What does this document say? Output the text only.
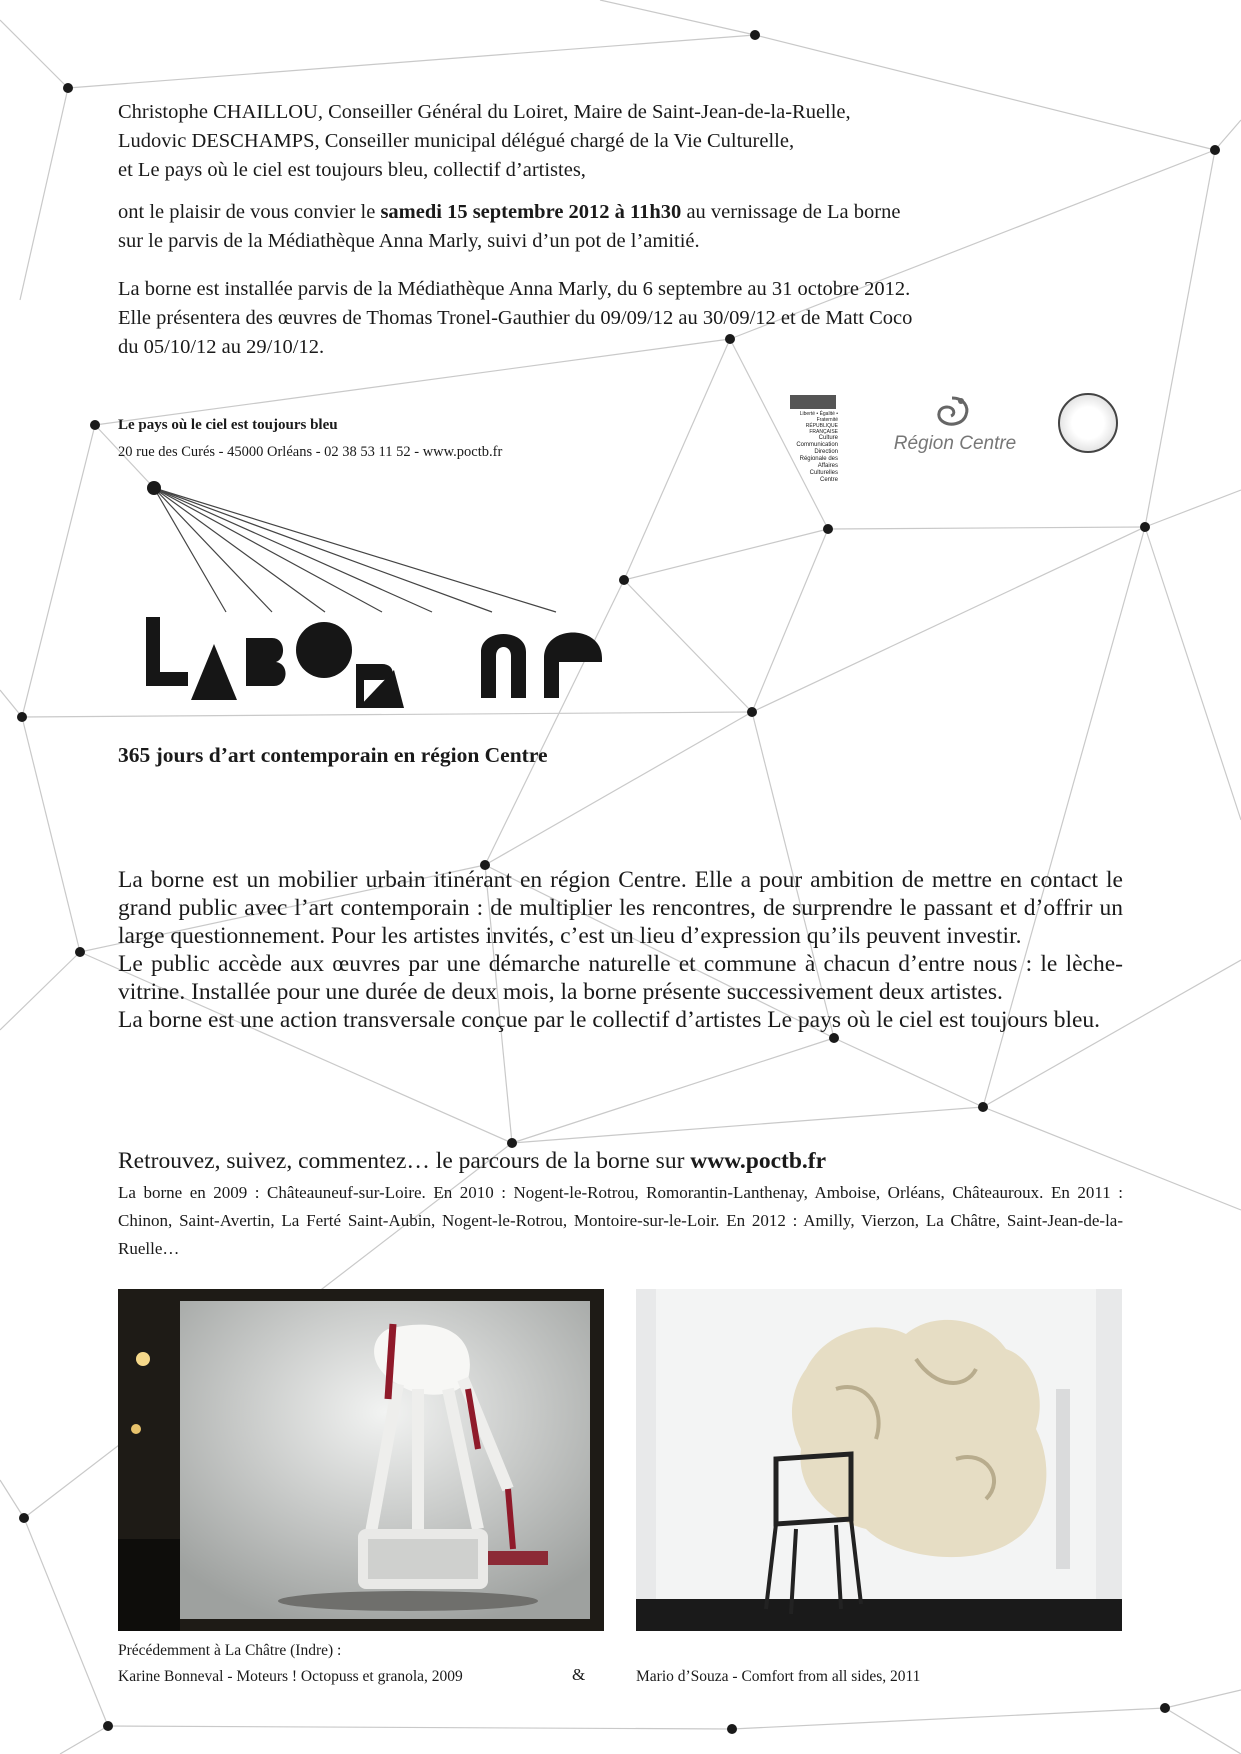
Christophe CHAILLOU, Conseiller Général du Loiret, Maire de Saint-Jean-de-la-Ruelle,

Ludovic DESCHAMPS, Conseiller municipal délégué chargé de la Vie Culturelle,

et Le pays où le ciel est toujours bleu, collectif d’artistes,

ont le plaisir de vous convier le samedi 15 septembre 2012 à 11h30 au vernissage de La borne

sur le parvis de la Médiathèque Anna Marly, suivi d’un pot de l’amitié.

La borne est installée parvis de la Médiathèque Anna Marly, du 6 septembre au 31 octobre 2012.

Elle présentera des œuvres de Thomas Tronel-Gauthier du 09/09/12 au 30/09/12 et de Matt Coco

du 05/10/12 au 29/10/12.

Le pays où le ciel est toujours bleu
20 rue des Curés - 45000 Orléans - 02 38 53 11 52 - www.poctb.fr
Liberté • Égalité • Fraternité RÉPUBLIQUE FRANÇAISE
Culture Communication
Direction Régionale des Affaires Culturelles Centre
Région Centre
365 jours d’art contemporain en région Centre

La borne est un mobilier urbain itinérant en région Centre. Elle a pour ambition de mettre en contact le grand public avec l’art contemporain : de multiplier les rencontres, de surprendre le passant et d’offrir un large questionnement. Pour les artistes invités, c’est un lieu d’expression qu’ils peuvent investir.

Le public accède aux œuvres par une démarche naturelle et commune à chacun d’entre nous : le lèche-vitrine. Installée pour une durée de deux mois, la borne présente successivement deux artistes.

La borne est une action transversale conçue par le collectif d’artistes Le pays où le ciel est toujours bleu.

Retrouvez, suivez, commentez… le parcours de la borne sur www.poctb.fr
La borne en 2009 : Châteauneuf-sur-Loire. En 2010 : Nogent-le-Rotrou, Romorantin-Lanthenay, Amboise, Orléans, Châteauroux. En 2011 : Chinon, Saint-Avertin, La Ferté Saint-Aubin, Nogent-le-Rotrou, Montoire-sur-le-Loir. En 2012 : Amilly, Vierzon, La Châtre, Saint-Jean-de-la-Ruelle…
Précédemment à La Châtre (Indre) :
Karine Bonneval - Moteurs ! Octopuss et granola, 2009	&	Mario d’Souza - Comfort from all sides, 2011
